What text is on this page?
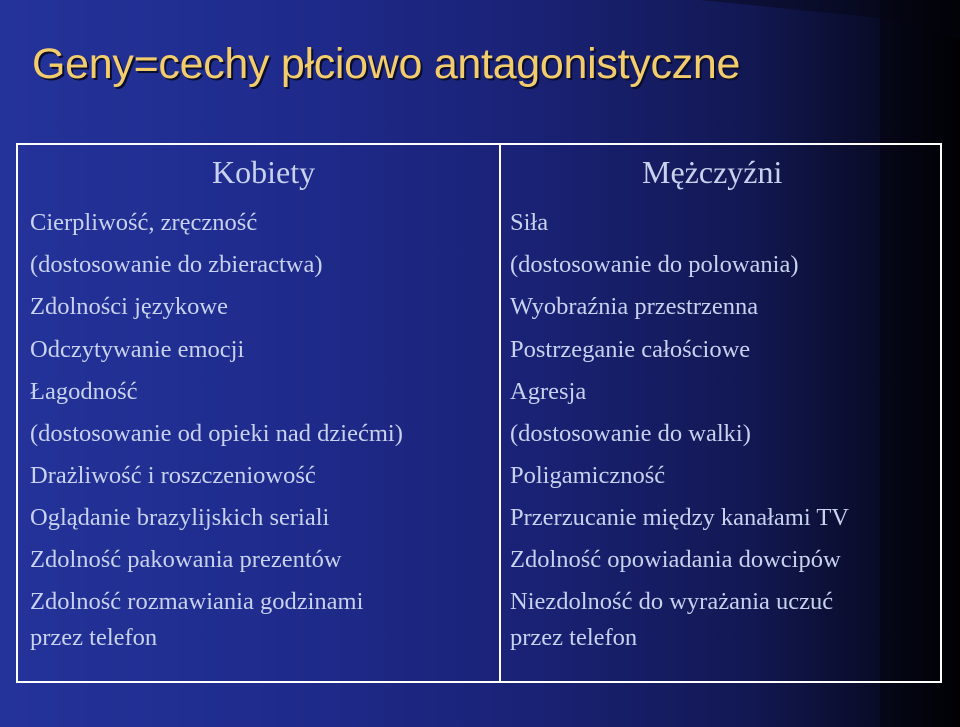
Geny=cechy płciowo antagonistyczne
Kobiety
Cierpliwość, zręczność
(dostosowanie do zbieractwa)
Zdolności językowe
Odczytywanie emocji
Łagodność
(dostosowanie od opieki nad dziećmi)
Drażliwość i roszczeniowość
Oglądanie brazylijskich seriali
Zdolność pakowania prezentów
Zdolność rozmawiania godzinami
przez telefon
Mężczyźni
Siła
(dostosowanie do polowania)
Wyobraźnia przestrzenna
Postrzeganie całościowe
Agresja
(dostosowanie do walki)
Poligamiczność
Przerzucanie między kanałami TV
Zdolność opowiadania dowcipów
Niezdolność do wyrażania uczuć
przez telefon
